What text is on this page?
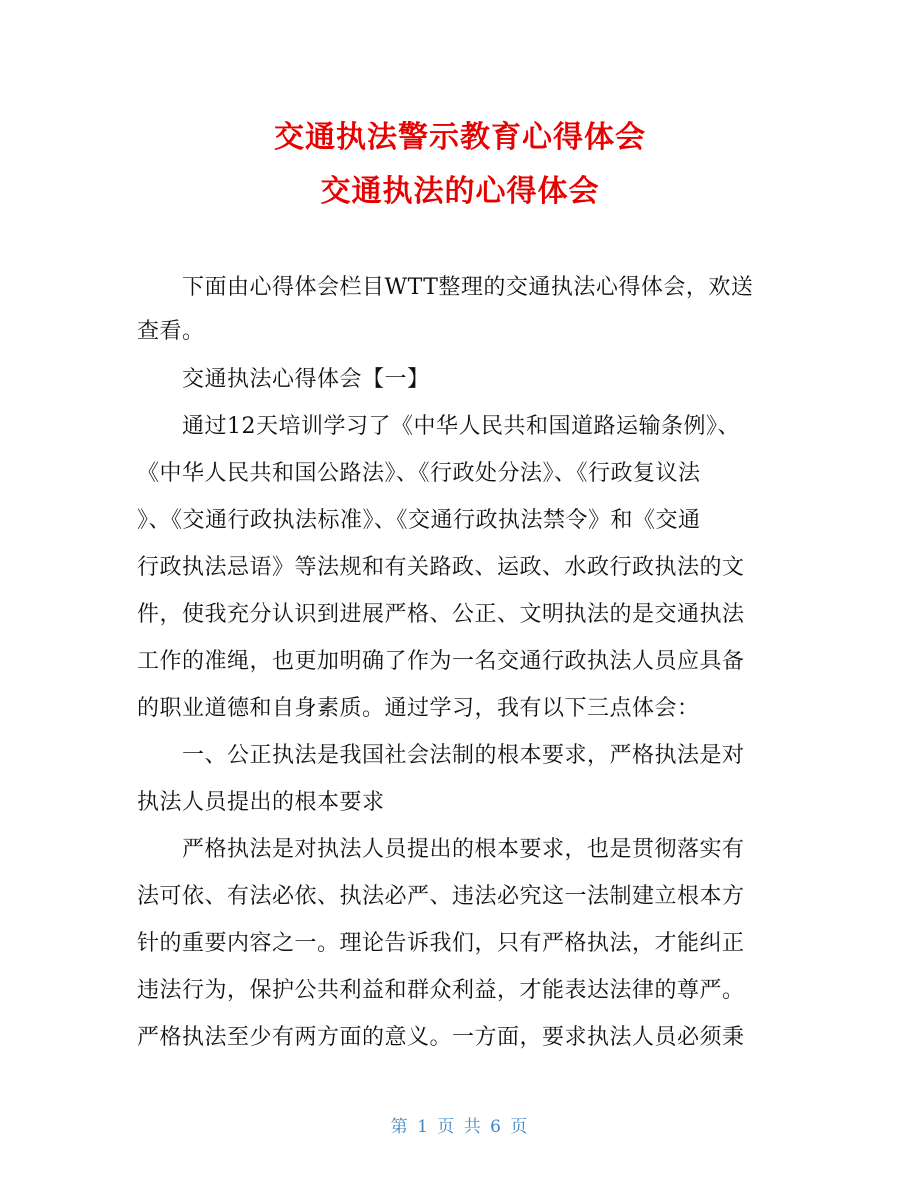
交通执法警示教育心得体会
交通执法的心得体会
下面由心得体会栏目WTT整理的交通执法心得体会，欢送
查看。
交通执法心得体会【一】
通过12天培训学习了《中华人民共和国道路运输条例》、
《中华人民共和国公路法》、《行政处分法》、《行政复议法
》、《交通行政执法标准》、《交通行政执法禁令》和《交通
行政执法忌语》等法规和有关路政、运政、水政行政执法的文
件，使我充分认识到进展严格、公正、文明执法的是交通执法
工作的准绳，也更加明确了作为一名交通行政执法人员应具备
的职业道德和自身素质。通过学习，我有以下三点体会：
一、公正执法是我国社会法制的根本要求，严格执法是对
执法人员提出的根本要求
严格执法是对执法人员提出的根本要求，也是贯彻落实有
法可依、有法必依、执法必严、违法必究这一法制建立根本方
针的重要内容之一。理论告诉我们，只有严格执法，才能纠正
违法行为，保护公共利益和群众利益，才能表达法律的尊严。
严格执法至少有两方面的意义。一方面，要求执法人员必须秉
第 1 页 共 6 页
